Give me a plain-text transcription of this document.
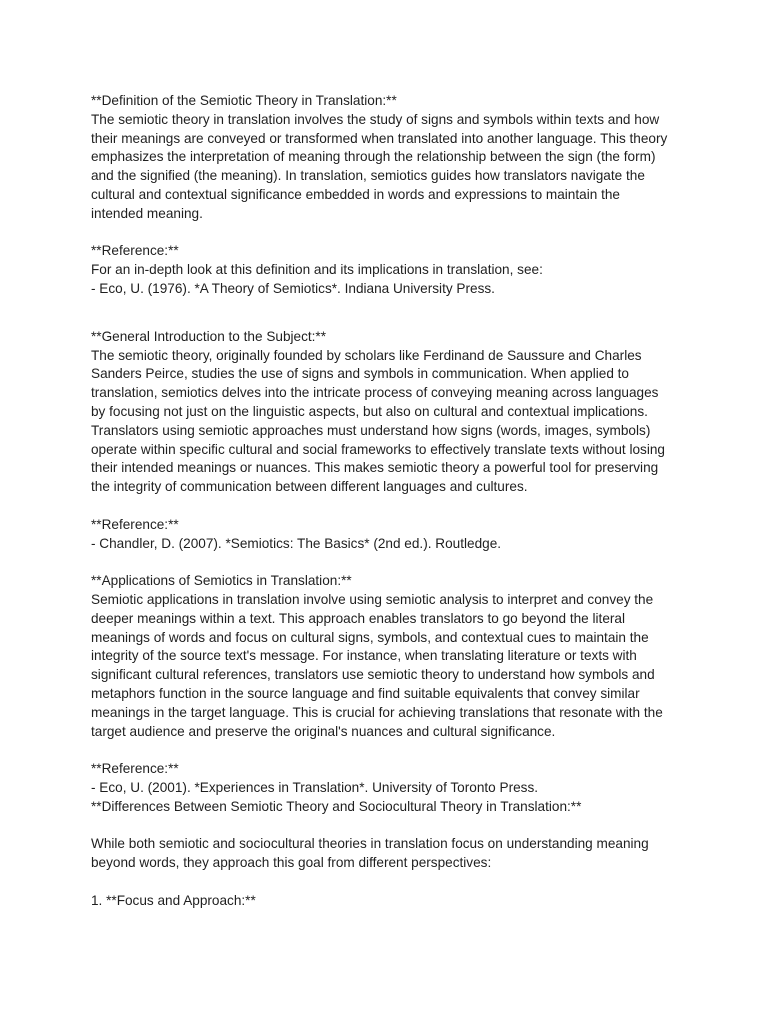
**Definition of the Semiotic Theory in Translation:**
The semiotic theory in translation involves the study of signs and symbols within texts and how
their meanings are conveyed or transformed when translated into another language. This theory
emphasizes the interpretation of meaning through the relationship between the sign (the form)
and the signified (the meaning). In translation, semiotics guides how translators navigate the
cultural and contextual significance embedded in words and expressions to maintain the
intended meaning.
**Reference:**
For an in-depth look at this definition and its implications in translation, see:
- Eco, U. (1976). *A Theory of Semiotics*. Indiana University Press.
**General Introduction to the Subject:**
The semiotic theory, originally founded by scholars like Ferdinand de Saussure and Charles
Sanders Peirce, studies the use of signs and symbols in communication. When applied to
translation, semiotics delves into the intricate process of conveying meaning across languages
by focusing not just on the linguistic aspects, but also on cultural and contextual implications.
Translators using semiotic approaches must understand how signs (words, images, symbols)
operate within specific cultural and social frameworks to effectively translate texts without losing
their intended meanings or nuances. This makes semiotic theory a powerful tool for preserving
the integrity of communication between different languages and cultures.
**Reference:**
- Chandler, D. (2007). *Semiotics: The Basics* (2nd ed.). Routledge.
**Applications of Semiotics in Translation:**
Semiotic applications in translation involve using semiotic analysis to interpret and convey the
deeper meanings within a text. This approach enables translators to go beyond the literal
meanings of words and focus on cultural signs, symbols, and contextual cues to maintain the
integrity of the source text's message. For instance, when translating literature or texts with
significant cultural references, translators use semiotic theory to understand how symbols and
metaphors function in the source language and find suitable equivalents that convey similar
meanings in the target language. This is crucial for achieving translations that resonate with the
target audience and preserve the original's nuances and cultural significance.
**Reference:**
- Eco, U. (2001). *Experiences in Translation*. University of Toronto Press.
**Differences Between Semiotic Theory and Sociocultural Theory in Translation:**
While both semiotic and sociocultural theories in translation focus on understanding meaning
beyond words, they approach this goal from different perspectives:
1. **Focus and Approach:**
